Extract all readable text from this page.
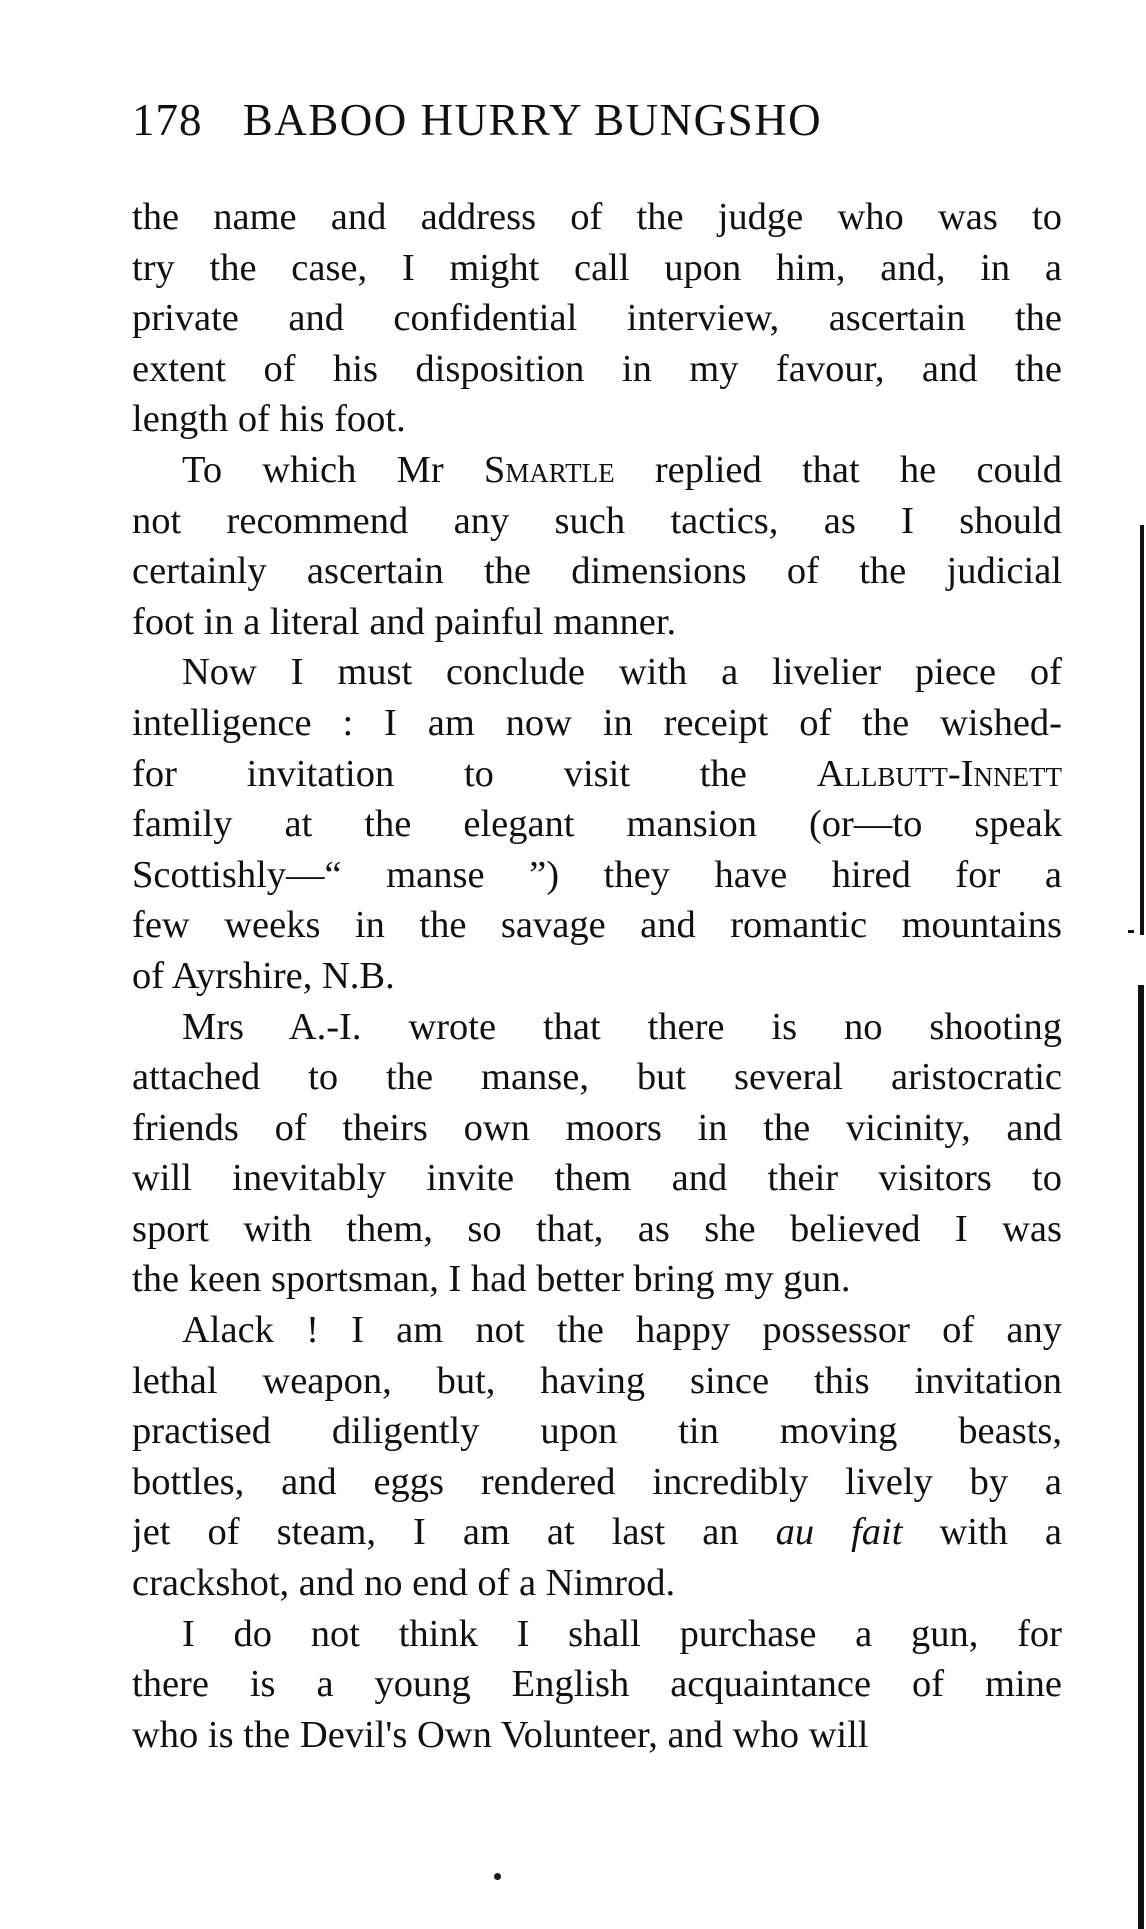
178 BABOO HURRY BUNGSHO
the name and address of the judge who was to
try the case, I might call upon him, and, in a
private and confidential interview, ascertain the
extent of his disposition in my favour, and the
length of his foot.
To which Mr Smartle replied that he could
not recommend any such tactics, as I should
certainly ascertain the dimensions of the judicial
foot in a literal and painful manner.
Now I must conclude with a livelier piece of
intelligence : I am now in receipt of the wished-
for invitation to visit the Allbutt-Innett
family at the elegant mansion (or—to speak
Scottishly—“ manse ”) they have hired for a
few weeks in the savage and romantic mountains
of Ayrshire, N.B.
Mrs A.-I. wrote that there is no shooting
attached to the manse, but several aristocratic
friends of theirs own moors in the vicinity, and
will inevitably invite them and their visitors to
sport with them, so that, as she believed I was
the keen sportsman, I had better bring my gun.
Alack ! I am not the happy possessor of any
lethal weapon, but, having since this invitation
practised diligently upon tin moving beasts,
bottles, and eggs rendered incredibly lively by a
jet of steam, I am at last an au fait with a
crackshot, and no end of a Nimrod.
I do not think I shall purchase a gun, for
there is a young English acquaintance of mine
who is the Devil's Own Volunteer, and who will
